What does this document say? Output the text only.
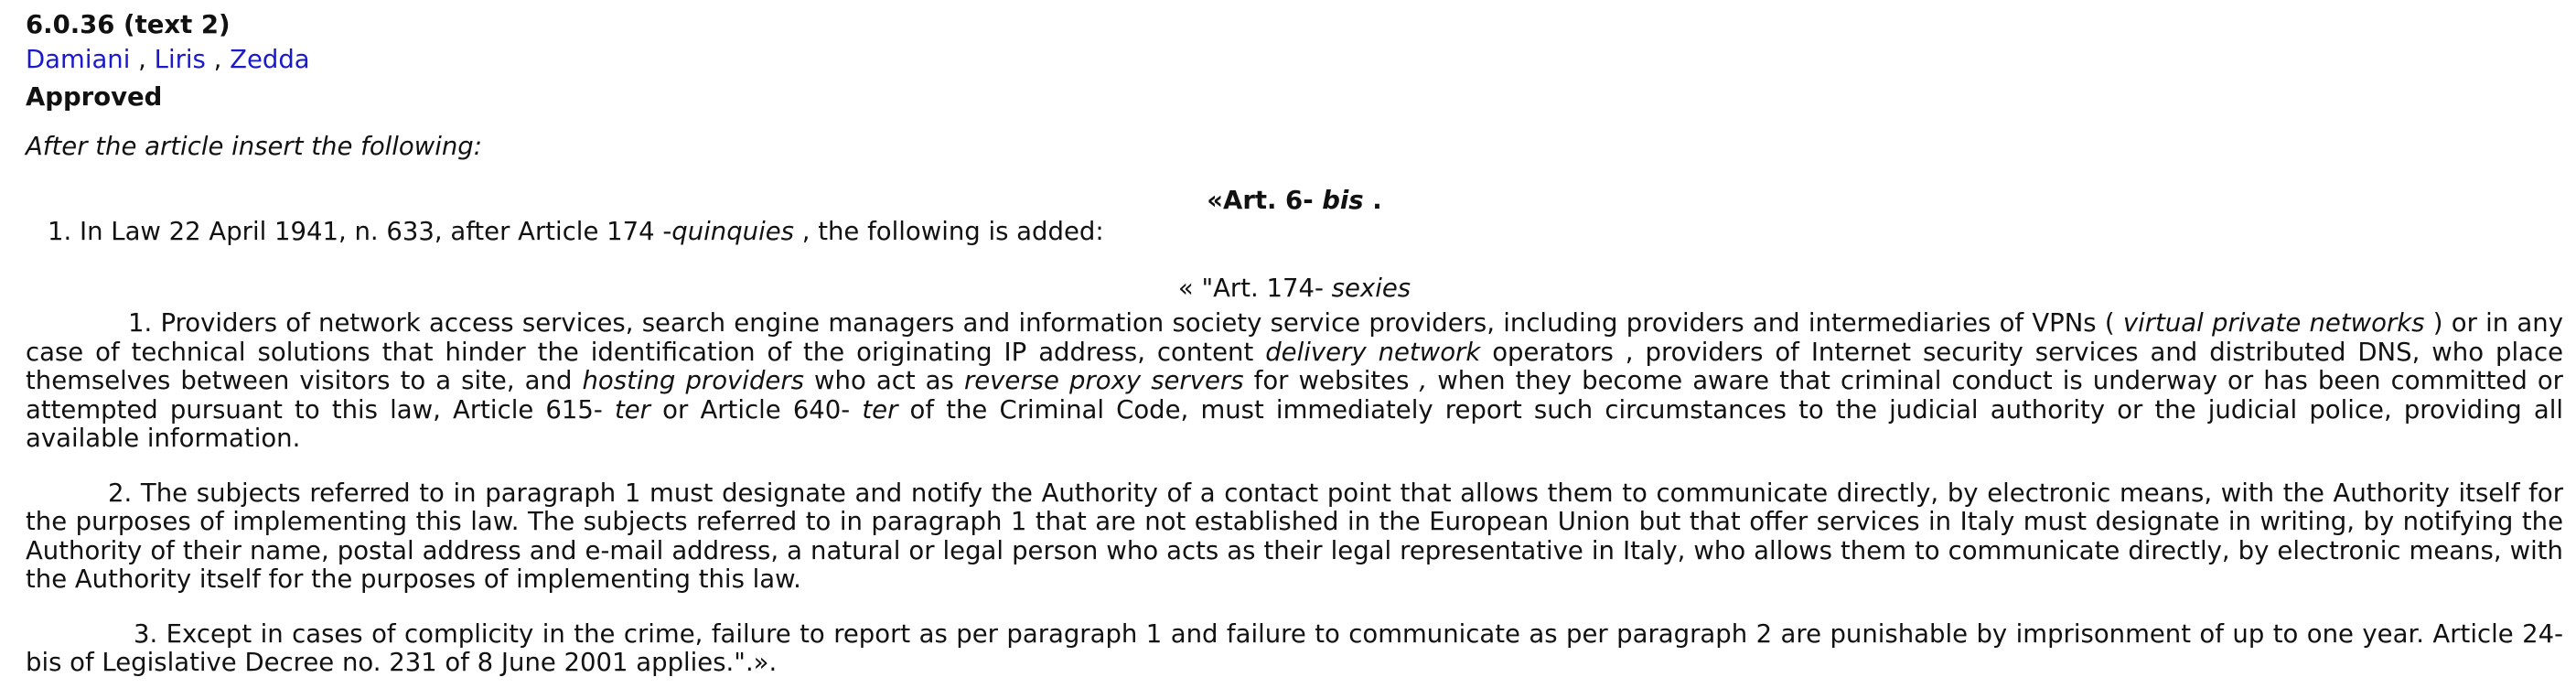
6.0.36 (text 2)
Damiani , Liris , Zedda
Approved
After the article insert the following:
«Art. 6- bis .
1. In Law 22 April 1941, n. 633, after Article 174 -quinquies , the following is added:
« "Art. 174- sexies
1. Providers of network access services, search engine managers and information society service providers, including providers and intermediaries of VPNs ( virtual private networks ) or in any case of technical solutions that hinder the identification of the originating IP address, content delivery network operators , providers of Internet security services and distributed DNS, who place themselves between visitors to a site, and hosting providers who act as reverse proxy servers for websites , when they become aware that criminal conduct is underway or has been committed or attempted pursuant to this law, Article 615- ter or Article 640- ter of the Criminal Code, must immediately report such circumstances to the judicial authority or the judicial police, providing all available information.
2. The subjects referred to in paragraph 1 must designate and notify the Authority of a contact point that allows them to communicate directly, by electronic means, with the Authority itself for the purposes of implementing this law. The subjects referred to in paragraph 1 that are not established in the European Union but that offer services in Italy must designate in writing, by notifying the Authority of their name, postal address and e-mail address, a natural or legal person who acts as their legal representative in Italy, who allows them to communicate directly, by electronic means, with the Authority itself for the purposes of implementing this law.
3. Except in cases of complicity in the crime, failure to report as per paragraph 1 and failure to communicate as per paragraph 2 are punishable by imprisonment of up to one year. Article 24-bis of Legislative Decree no. 231 of 8 June 2001 applies.".».
